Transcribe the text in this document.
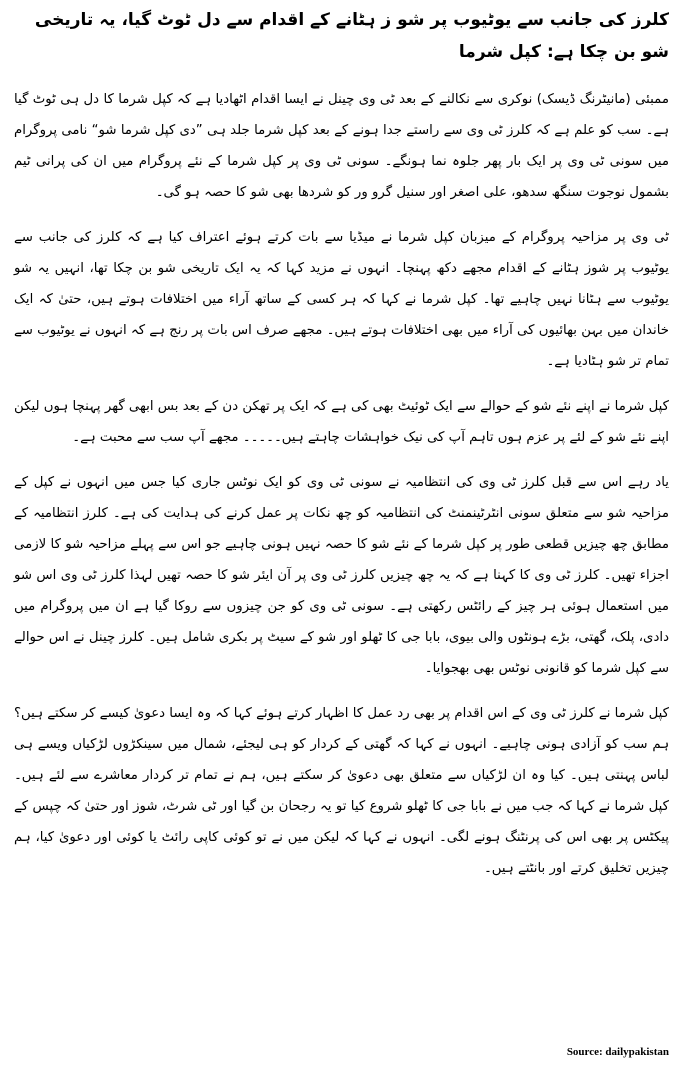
کلرز کی جانب سے یوٹیوب پر شو ز ہٹانے کے اقدام سے دل ٹوٹ گیا، یہ تاریخی شو بن چکا ہے: کپل شرما

ممبئی (مانیٹرنگ ڈیسک) نوکری سے نکالنے کے بعد ٹی وی چینل نے ایسا اقدام اٹھادیا ہے کہ کپل شرما کا دل ہی ٹوٹ گیا ہے۔ سب کو علم ہے کہ کلرز ٹی وی سے راستے جدا ہونے کے بعد کپل شرما جلد ہی ”دی کپل شرما شو“ نامی پروگرام میں سونی ٹی وی پر ایک بار پھر جلوہ نما ہونگے۔ سونی ٹی وی پر کپل شرما کے نئے پروگرام میں ان کی پرانی ٹیم بشمول نوجوت سنگھ سدھو، علی اصغر اور سنیل گرو ور کو شردھا بھی شو کا حصہ ہو گی۔

ٹی وی پر مزاحیہ پروگرام کے میزبان کپل شرما نے میڈیا سے بات کرتے ہوئے اعتراف کیا ہے کہ کلرز کی جانب سے یوٹیوب پر شوز ہٹانے کے اقدام مجھے دکھ پہنچا۔ انہوں نے مزید کہا کہ یہ ایک تاریخی شو بن چکا تھا، انہیں یہ شو یوٹیوب سے ہٹانا نہیں چاہیے تھا۔ کپل شرما نے کہا کہ ہر کسی کے ساتھ آراء میں اختلافات ہوتے ہیں، حتیٰ کہ ایک خاندان میں بہن بھائیوں کی آراء میں بھی اختلافات ہوتے ہیں۔ مجھے صرف اس بات پر رنج ہے کہ انہوں نے یوٹیوب سے تمام تر شو ہٹادیا ہے۔

کپل شرما نے اپنے نئے شو کے حوالے سے ایک ٹوئیٹ بھی کی ہے کہ ایک پر تھکن دن کے بعد بس ابھی گھر پہنچا ہوں لیکن اپنے نئے شو کے لئے پر عزم ہوں تاہم آپ کی نیک خواہشات چاہتے ہیں۔۔۔۔۔ مجھے آپ سب سے محبت ہے۔

یاد رہے اس سے قبل کلرز ٹی وی کی انتظامیہ نے سونی ٹی وی کو ایک نوٹس جاری کیا جس میں انہوں نے کپل کے مزاحیہ شو سے متعلق سونی انٹرٹینمنٹ کی انتظامیہ کو چھ نکات پر عمل کرنے کی ہدایت کی ہے۔ کلرز انتظامیہ کے مطابق چھ چیزیں قطعی طور پر کپل شرما کے نئے شو کا حصہ نہیں ہونی چاہیے جو اس سے پہلے مزاحیہ شو کا لازمی اجزاء تھیں۔ کلرز ٹی وی کا کہنا ہے کہ یہ چھ چیزیں کلرز ٹی وی پر آن ایئر شو کا حصہ تھیں لہذا کلرز ٹی وی اس شو میں استعمال ہوئی ہر چیز کے رائٹس رکھتی ہے۔ سونی ٹی وی کو جن چیزوں سے روکا گیا ہے ان میں پروگرام میں دادی، پلک، گھتی، بڑے ہونٹوں والی بیوی، بابا جی کا ٹھلو اور شو کے سیٹ پر بکری شامل ہیں۔ کلرز چینل نے اس حوالے سے کپل شرما کو قانونی نوٹس بھی بھجوایا۔

کپل شرما نے کلرز ٹی وی کے اس اقدام پر بھی رد عمل کا اظہار کرتے ہوئے کہا کہ وہ ایسا دعویٰ کیسے کر سکتے ہیں؟ ہم سب کو آزادی ہونی چاہیے۔ انہوں نے کہا کہ گھتی کے کردار کو ہی لیجئے، شمال میں سینکڑوں لڑکیاں ویسے ہی لباس پہنتی ہیں۔ کیا وہ ان لڑکیاں سے متعلق بھی دعویٰ کر سکتے ہیں، ہم نے تمام تر کردار معاشرے سے لئے ہیں۔ کپل شرما نے کہا کہ جب میں نے بابا جی کا ٹھلو شروع کیا تو یہ رجحان بن گیا اور ٹی شرٹ، شوز اور حتیٰ کہ چپس کے پیکٹس پر بھی اس کی پرنٹنگ ہونے لگی۔ انہوں نے کہا کہ لیکن میں نے تو کوئی کاپی رائٹ یا کوئی اور دعویٰ کیا، ہم چیزیں تخلیق کرتے اور بانٹتے ہیں۔

Source: dailypakistan
